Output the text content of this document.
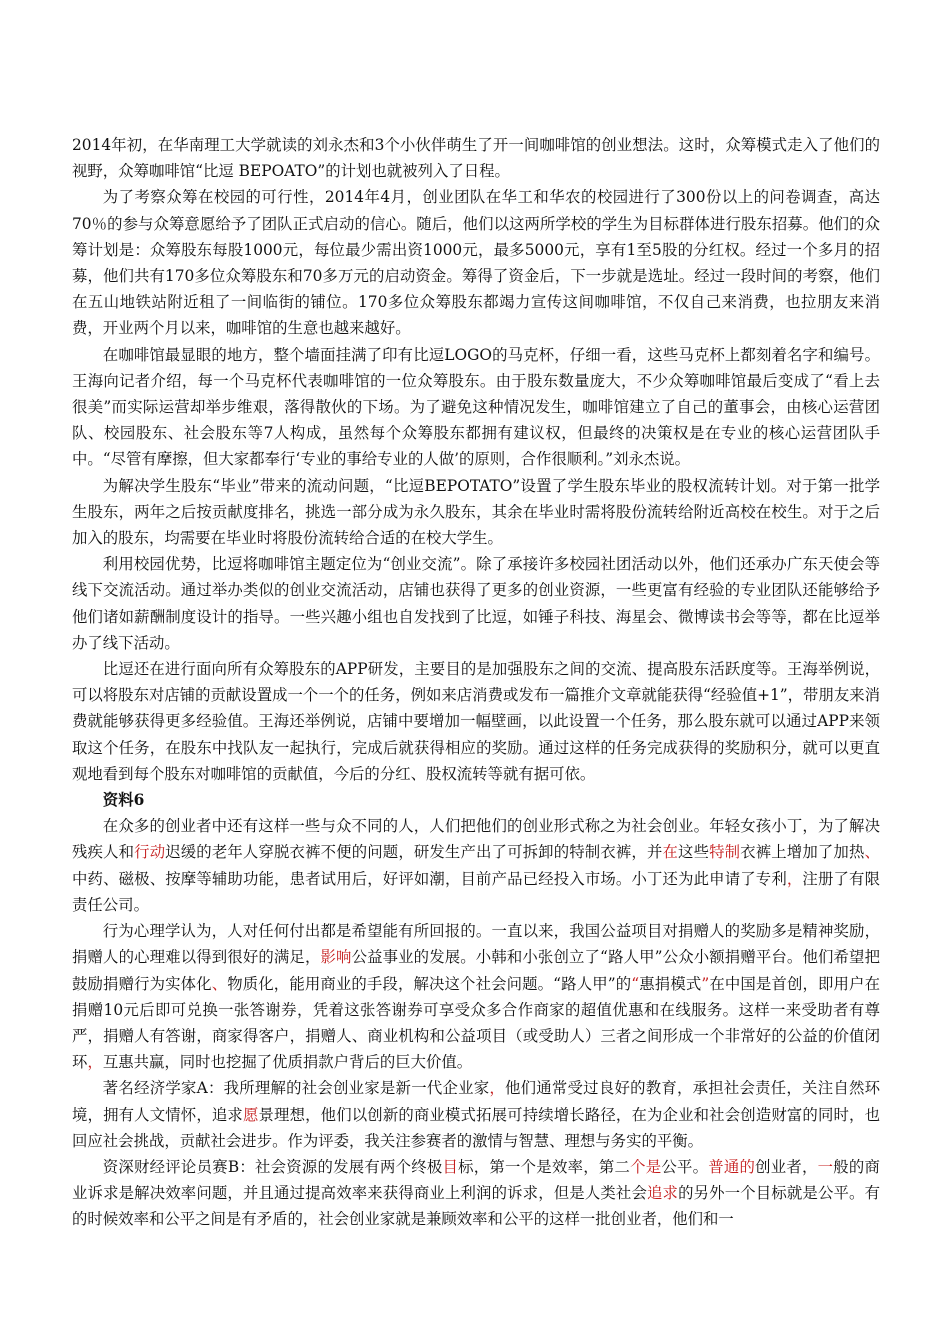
2014年初，在华南理工大学就读的刘永杰和3个小伙伴萌生了开一间咖啡馆的创业想法。这时，众筹模式走入了他们的视野，众筹咖啡馆“比逗 BEPOATO”的计划也就被列入了日程。

为了考察众筹在校园的可行性，2014年4月，创业团队在华工和华农的校园进行了300份以上的问卷调查，高达70％的参与众筹意愿给予了团队正式启动的信心。随后，他们以这两所学校的学生为目标群体进行股东招募。他们的众筹计划是：众筹股东每股1000元，每位最少需出资1000元，最多5000元，享有1至5股的分红权。经过一个多月的招募，他们共有170多位众筹股东和70多万元的启动资金。筹得了资金后，下一步就是选址。经过一段时间的考察，他们在五山地铁站附近租了一间临街的铺位。170多位众筹股东都竭力宣传这间咖啡馆，不仅自己来消费，也拉朋友来消费，开业两个月以来，咖啡馆的生意也越来越好。

在咖啡馆最显眼的地方，整个墙面挂满了印有比逗LOGO的马克杯，仔细一看，这些马克杯上都刻着名字和编号。王海向记者介绍，每一个马克杯代表咖啡馆的一位众筹股东。由于股东数量庞大，不少众筹咖啡馆最后变成了“看上去很美”而实际运营却举步维艰，落得散伙的下场。为了避免这种情况发生，咖啡馆建立了自己的董事会，由核心运营团队、校园股东、社会股东等7人构成，虽然每个众筹股东都拥有建议权，但最终的决策权是在专业的核心运营团队手中。“尽管有摩擦，但大家都奉行‘专业的事给专业的人做’的原则，合作很顺利。”刘永杰说。

为解决学生股东“毕业”带来的流动问题，“比逗BEPOTATO”设置了学生股东毕业的股权流转计划。对于第一批学生股东，两年之后按贡献度排名，挑选一部分成为永久股东，其余在毕业时需将股份流转给附近高校在校生。对于之后加入的股东，均需要在毕业时将股份流转给合适的在校大学生。

利用校园优势，比逗将咖啡馆主题定位为“创业交流”。除了承接许多校园社团活动以外，他们还承办广东天使会等线下交流活动。通过举办类似的创业交流活动，店铺也获得了更多的创业资源，一些更富有经验的专业团队还能够给予他们诸如薪酬制度设计的指导。一些兴趣小组也自发找到了比逗，如锤子科技、海星会、微博读书会等等，都在比逗举办了线下活动。

比逗还在进行面向所有众筹股东的APP研发，主要目的是加强股东之间的交流、提高股东活跃度等。王海举例说，可以将股东对店铺的贡献设置成一个一个的任务，例如来店消费或发布一篇推介文章就能获得“经验值+1”，带朋友来消费就能够获得更多经验值。王海还举例说，店铺中要增加一幅壁画，以此设置一个任务，那么股东就可以通过APP来领取这个任务，在股东中找队友一起执行，完成后就获得相应的奖励。通过这样的任务完成获得的奖励积分，就可以更直观地看到每个股东对咖啡馆的贡献值，今后的分红、股权流转等就有据可依。

资料6

在众多的创业者中还有这样一些与众不同的人，人们把他们的创业形式称之为社会创业。年轻女孩小丁，为了解决残疾人和行动迟缓的老年人穿脱衣裤不便的问题，研发生产出了可拆卸的特制衣裤，并在这些特制衣裤上增加了加热、中药、磁极、按摩等辅助功能，患者试用后，好评如潮，目前产品已经投入市场。小丁还为此申请了专利，注册了有限责任公司。

行为心理学认为，人对任何付出都是希望能有所回报的。一直以来，我国公益项目对捐赠人的奖励多是精神奖励，捐赠人的心理难以得到很好的满足，影响公益事业的发展。小韩和小张创立了“路人甲”公众小额捐赠平台。他们希望把鼓励捐赠行为实体化、物质化，能用商业的手段，解决这个社会问题。“路人甲”的“惠捐模式”在中国是首创，即用户在捐赠10元后即可兑换一张答谢券，凭着这张答谢券可享受众多合作商家的超值优惠和在线服务。这样一来受助者有尊严，捐赠人有答谢，商家得客户，捐赠人、商业机构和公益项目（或受助人）三者之间形成一个非常好的公益的价值闭环，互惠共赢，同时也挖掘了优质捐款户背后的巨大价值。

著名经济学家A：我所理解的社会创业家是新一代企业家，他们通常受过良好的教育，承担社会责任，关注自然环境，拥有人文情怀，追求愿景理想，他们以创新的商业模式拓展可持续增长路径，在为企业和社会创造财富的同时，也回应社会挑战，贡献社会进步。作为评委，我关注参赛者的激情与智慧、理想与务实的平衡。

资深财经评论员赛B：社会资源的发展有两个终极目标，第一个是效率，第二个是公平。普通的创业者，一般的商业诉求是解决效率问题，并且通过提高效率来获得商业上利润的诉求，但是人类社会追求的另外一个目标就是公平。有的时候效率和公平之间是有矛盾的，社会创业家就是兼顾效率和公平的这样一批创业者，他们和一
